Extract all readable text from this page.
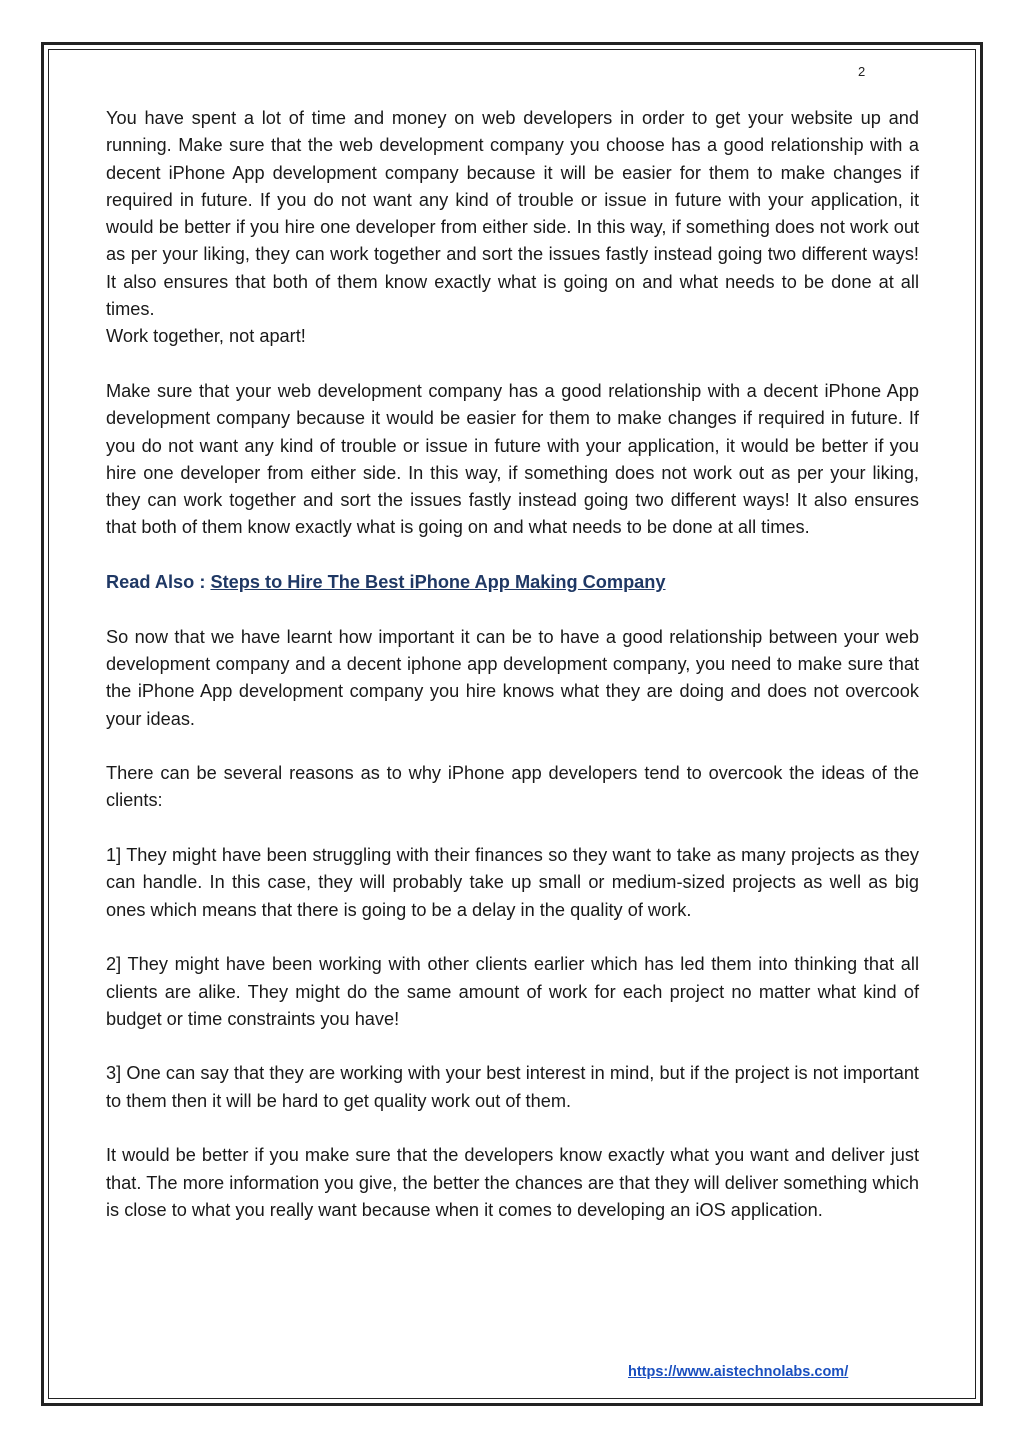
2

You have spent a lot of time and money on web developers in order to get your website up and running. Make sure that the web development company you choose has a good relationship with a decent iPhone App development company because it will be easier for them to make changes if required in future. If you do not want any kind of trouble or issue in future with your application, it would be better if you hire one developer from either side. In this way, if something does not work out as per your liking, they can work together and sort the issues fastly instead going two different ways! It also ensures that both of them know exactly what is going on and what needs to be done at all times.

Work together, not apart!

Make sure that your web development company has a good relationship with a decent iPhone App development company because it would be easier for them to make changes if required in future. If you do not want any kind of trouble or issue in future with your application, it would be better if you hire one developer from either side. In this way, if something does not work out as per your liking, they can work together and sort the issues fastly instead going two different ways! It also ensures that both of them know exactly what is going on and what needs to be done at all times.

Read Also : Steps to Hire The Best iPhone App Making Company

So now that we have learnt how important it can be to have a good relationship between your web development company and a decent iphone app development company, you need to make sure that the iPhone App development company you hire knows what they are doing and does not overcook your ideas.

There can be several reasons as to why iPhone app developers tend to overcook the ideas of the clients:

1] They might have been struggling with their finances so they want to take as many projects as they can handle. In this case, they will probably take up small or medium-sized projects as well as big ones which means that there is going to be a delay in the quality of work.

2] They might have been working with other clients earlier which has led them into thinking that all clients are alike. They might do the same amount of work for each project no matter what kind of budget or time constraints you have!

3] One can say that they are working with your best interest in mind, but if the project is not important to them then it will be hard to get quality work out of them.

It would be better if you make sure that the developers know exactly what you want and deliver just that. The more information you give, the better the chances are that they will deliver something which is close to what you really want because when it comes to developing an iOS application.

https://www.aistechnolabs.com/
